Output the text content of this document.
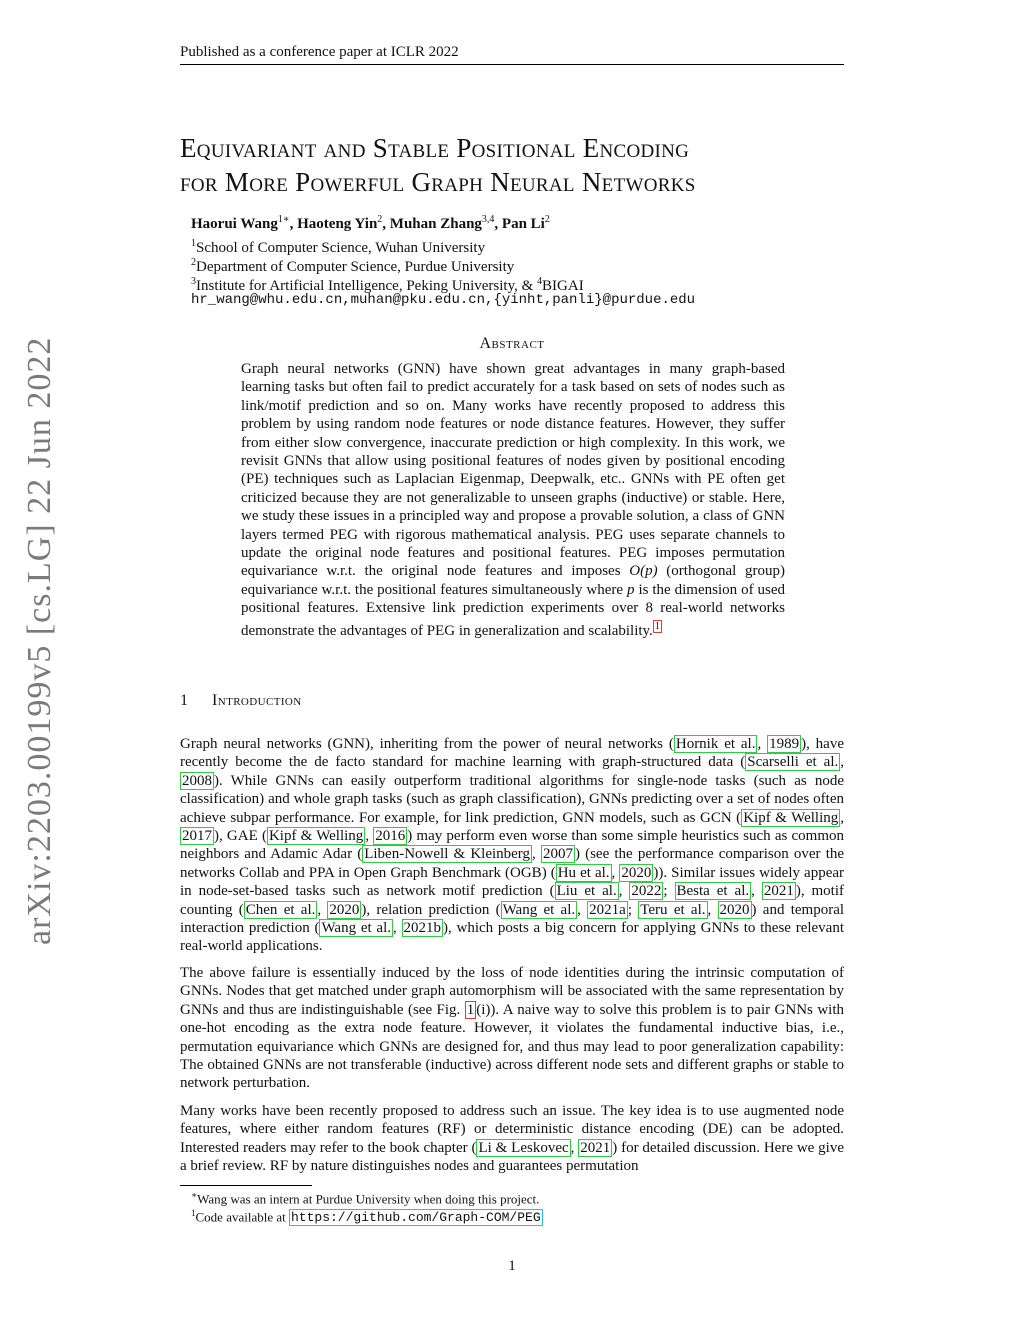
Published as a conference paper at ICLR 2022
arXiv:2203.00199v5 [cs.LG] 22 Jun 2022
Equivariant and Stable Positional Encoding
for More Powerful Graph Neural Networks
Haorui Wang$^{1∗}$, Haoteng Yin$^2$, Muhan Zhang$^{3,4}$, Pan Li$^2$
$^1$School of Computer Science, Wuhan University
$^2$Department of Computer Science, Purdue University
$^3$Institute for Artificial Intelligence, Peking University, & $^4$BIGAI
hr_wang@whu.edu.cn,muhan@pku.edu.cn,{yinht,panli}@purdue.edu
Abstract
Graph neural networks (GNN) have shown great advantages in many graph-based learning tasks but often fail to predict accurately for a task based on sets of nodes such as link/motif prediction and so on. Many works have recently proposed to address this problem by using random node features or node distance features. However, they suffer from either slow convergence, inaccurate prediction or high complexity. In this work, we revisit GNNs that allow using positional features of nodes given by positional encoding (PE) techniques such as Laplacian Eigenmap, Deepwalk, etc.. GNNs with PE often get criticized because they are not generalizable to unseen graphs (inductive) or stable. Here, we study these issues in a principled way and propose a provable solution, a class of GNN layers termed PEG with rigorous mathematical analysis. PEG uses separate channels to update the original node features and positional features. PEG imposes permutation equivariance w.r.t. the original node features and imposes O(p) (orthogonal group) equivariance w.r.t. the positional features simultaneously where p is the dimension of used positional features. Extensive link prediction experiments over 8 real-world networks demonstrate the advantages of PEG in generalization and scalability. $^1$
1 Introduction
Graph neural networks (GNN), inheriting from the power of neural networks ( Hornik et al. , 1989 ), have recently become the de facto standard for machine learning with graph-structured data ( Scarselli et al. , 2008 ). While GNNs can easily outperform traditional algorithms for single-node tasks (such as node classification) and whole graph tasks (such as graph classification), GNNs predicting over a set of nodes often achieve subpar performance. For example, for link prediction, GNN models, such as GCN ( Kipf & Welling , 2017 ), GAE ( Kipf & Welling , 2016 ) may perform even worse than some simple heuristics such as common neighbors and Adamic Adar ( Liben-Nowell & Kleinberg , 2007 ) (see the performance comparison over the networks Collab and PPA in Open Graph Benchmark (OGB) ( Hu et al. , 2020 )). Similar issues widely appear in node-set-based tasks such as network motif prediction ( Liu et al. , 2022 ; Besta et al. , 2021 ), motif counting ( Chen et al. , 2020 ), relation prediction ( Wang et al. , 2021a ; Teru et al. , 2020 ) and temporal interaction prediction ( Wang et al. , 2021b ), which posts a big concern for applying GNNs to these relevant real-world applications.
The above failure is essentially induced by the loss of node identities during the intrinsic computation of GNNs. Nodes that get matched under graph automorphism will be associated with the same representation by GNNs and thus are indistinguishable (see Fig. 1 (i)). A naive way to solve this problem is to pair GNNs with one-hot encoding as the extra node feature. However, it violates the fundamental inductive bias, i.e., permutation equivariance which GNNs are designed for, and thus may lead to poor generalization capability: The obtained GNNs are not transferable (inductive) across different node sets and different graphs or stable to network perturbation.
Many works have been recently proposed to address such an issue. The key idea is to use augmented node features, where either random features (RF) or deterministic distance encoding (DE) can be adopted. Interested readers may refer to the book chapter ( Li & Leskovec , 2021 ) for detailed discussion. Here we give a brief review. RF by nature distinguishes nodes and guarantees permutation
∗Wang was an intern at Purdue University when doing this project.
$^1$Code available at https://github.com/Graph-COM/PEG
1
